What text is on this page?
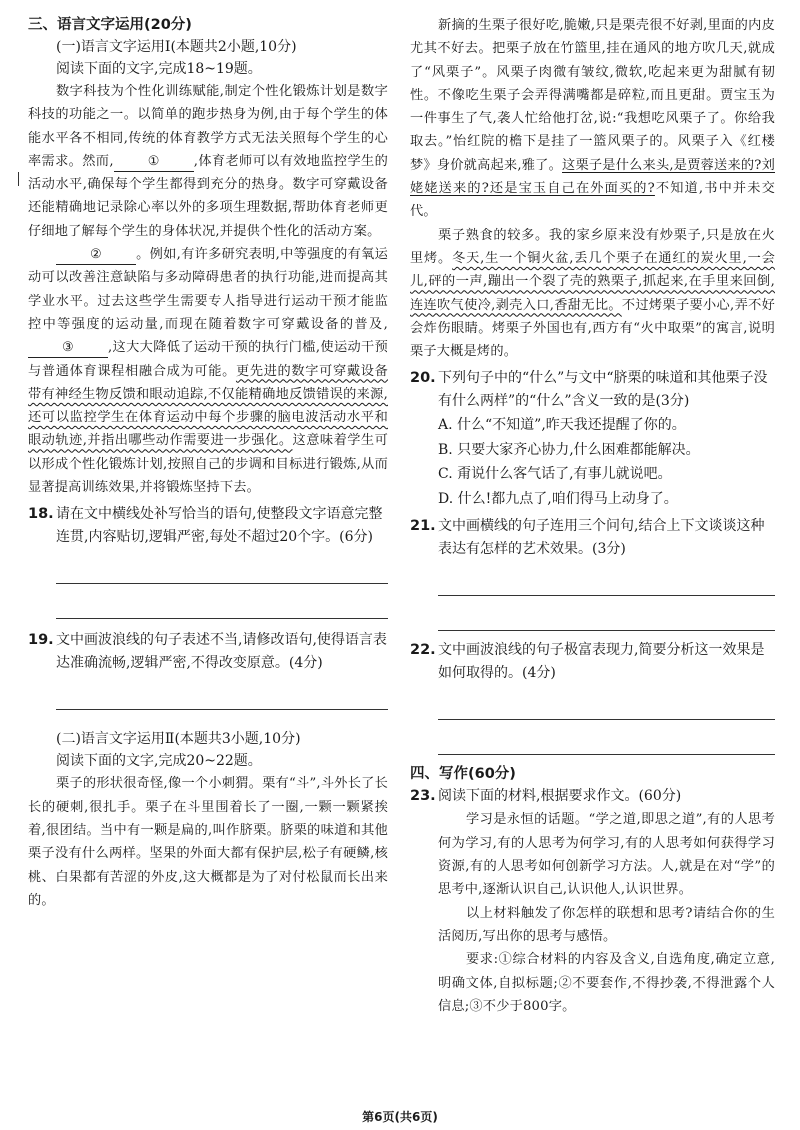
三、语言文字运用(20分)

(一)语言文字运用Ⅰ(本题共2小题,10分)

阅读下面的文字,完成18~19题。

数字科技为个性化训练赋能,制定个性化锻炼计划是数字科技的功能之一。以简单的跑步热身为例,由于每个学生的体能水平各不相同,传统的体育教学方式无法关照每个学生的心率需求。然而,	①	,体育老师可以有效地监控学生的活动水平,确保每个学生都得到充分的热身。数字可穿戴设备还能精确地记录除心率以外的多项生理数据,帮助体育老师更仔细地了解每个学生的身体状况,并提供个性化的活动方案。

②	。例如,有许多研究表明,中等强度的有氧运动可以改善注意缺陷与多动障碍患者的执行功能,进而提高其学业水平。过去这些学生需要专人指导进行运动干预才能监控中等强度的运动量,而现在随着数字可穿戴设备的普及,③	,这大大降低了运动干预的执行门槛,使运动干预与普通体育课程相融合成为可能。更先进的数字可穿戴设备带有神经生物反馈和眼动追踪,不仅能精确地反馈错误的来源,还可以监控学生在体育运动中每个步骤的脑电波活动水平和眼动轨迹,并指出哪些动作需要进一步强化。这意味着学生可以形成个性化锻炼计划,按照自己的步调和目标进行锻炼,从而显著提高训练效果,并将锻炼坚持下去。

18. 请在文中横线处补写恰当的语句,使整段文字语意完整连贯,内容贴切,逻辑严密,每处不超过20个字。(6分)
19. 文中画波浪线的句子表述不当,请修改语句,使得语言表达准确流畅,逻辑严密,不得改变原意。(4分)

(二)语言文字运用Ⅱ(本题共3小题,10分)

阅读下面的文字,完成20~22题。

栗子的形状很奇怪,像一个小刺猬。栗有“斗”,斗外长了长长的硬刺,很扎手。栗子在斗里围着长了一圈,一颗一颗紧挨着,很团结。当中有一颗是扁的,叫作脐栗。脐栗的味道和其他栗子没有什么两样。坚果的外面大都有保护层,松子有硬鳞,核桃、白果都有苦涩的外皮,这大概都是为了对付松鼠而长出来的。

新摘的生栗子很好吃,脆嫩,只是栗壳很不好剥,里面的内皮尤其不好去。把栗子放在竹篮里,挂在通风的地方吹几天,就成了“风栗子”。风栗子肉微有皱纹,微软,吃起来更为甜腻有韧性。不像吃生栗子会弄得满嘴都是碎粒,而且更甜。贾宝玉为一件事生了气,袭人忙给他打岔,说:“我想吃风栗子了。你给我取去。”怡红院的檐下是挂了一篮风栗子的。风栗子入《红楼梦》身价就高起来,雅了。这栗子是什么来头,是贾蓉送来的?刘姥姥送来的?还是宝玉自己在外面买的?不知道,书中并未交代。

栗子熟食的较多。我的家乡原来没有炒栗子,只是放在火里烤。冬天,生一个铜火盆,丢几个栗子在通红的炭火里,一会儿,砰的一声,蹦出一个裂了壳的熟栗子,抓起来,在手里来回倒,连连吹气使冷,剥壳入口,香甜无比。不过烤栗子要小心,弄不好会炸伤眼睛。烤栗子外国也有,西方有“火中取栗”的寓言,说明栗子大概是烤的。

20. 下列句子中的“什么”与文中“脐栗的味道和其他栗子没有什么两样”的“什么”含义一致的是(3分)

A. 什么“不知道”,昨天我还提醒了你的。

B. 只要大家齐心协力,什么困难都能解决。

C. 甭说什么客气话了,有事儿就说吧。

D. 什么!都九点了,咱们得马上动身了。

21. 文中画横线的句子连用三个问句,结合上下文谈谈这种表达有怎样的艺术效果。(3分)
22. 文中画波浪线的句子极富表现力,简要分析这一效果是如何取得的。(4分)

四、写作(60分)

23. 阅读下面的材料,根据要求作文。(60分)

学习是永恒的话题。“学之道,即思之道”,有的人思考何为学习,有的人思考为何学习,有的人思考如何获得学习资源,有的人思考如何创新学习方法。人,就是在对“学”的思考中,逐渐认识自己,认识他人,认识世界。

以上材料触发了你怎样的联想和思考?请结合你的生活阅历,写出你的思考与感悟。

要求:①综合材料的内容及含义,自选角度,确定立意,明确文体,自拟标题;②不要套作,不得抄袭,不得泄露个人信息;③不少于800字。

第6页(共6页)
